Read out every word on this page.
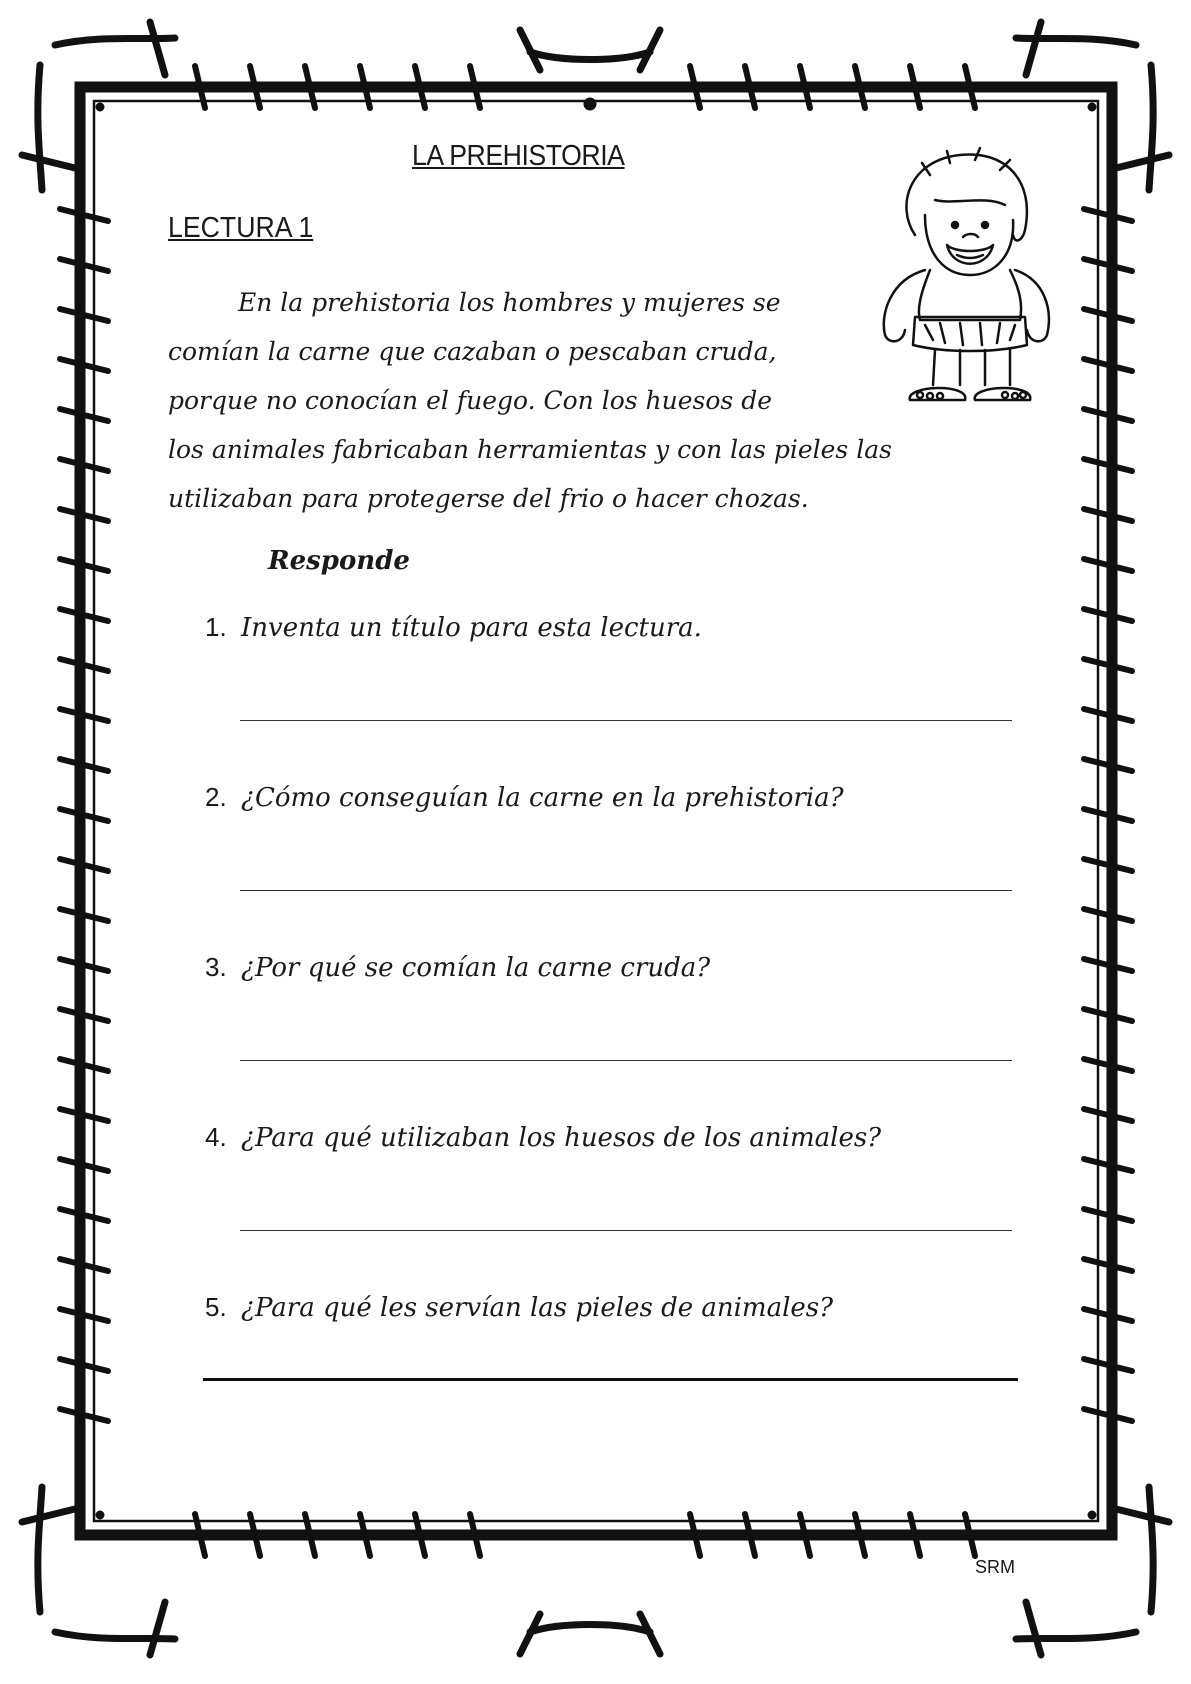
LA PREHISTORIA
LECTURA 1
En la prehistoria los hombres y mujeres se
comían la carne que cazaban o pescaban cruda,
porque no conocían el fuego. Con los huesos de
los animales fabricaban herramientas y con las pieles las
utilizaban para protegerse del frio o hacer chozas.
Responde
1. Inventa un título para esta lectura.
2. ¿Cómo conseguían la carne en la prehistoria?
3. ¿Por qué se comían la carne cruda?
4. ¿Para qué utilizaban los huesos de los animales?
5. ¿Para qué les servían las pieles de animales?
SRM
